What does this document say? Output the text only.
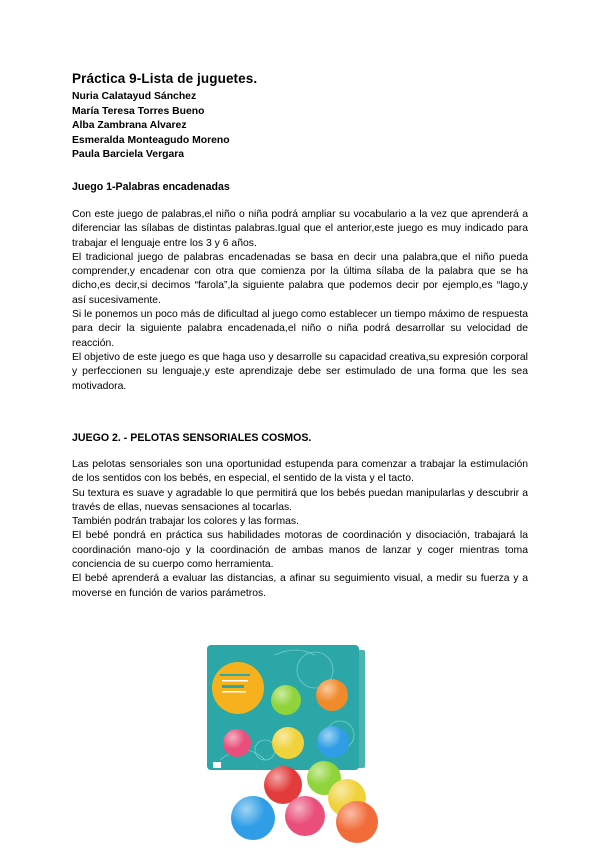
Práctica 9-Lista de juguetes.
Nuria Calatayud Sánchez
María Teresa Torres Bueno
Alba Zambrana Alvarez
Esmeralda Monteagudo Moreno
Paula Barciela Vergara

Juego 1-Palabras encadenadas

Con este juego de palabras,el niño o niña podrá ampliar su vocabulario a la vez que aprenderá a diferenciar las sílabas de distintas palabras.Igual que el anterior,este juego es muy indicado para trabajar el lenguaje entre los 3 y 6 años.

El tradicional juego de palabras encadenadas se basa en decir una palabra,que el niño pueda comprender,y encadenar con otra que comienza por la última sílaba de la palabra que se ha dicho,es decir,si decimos “farola”,la siguiente palabra que podemos decir por ejemplo,es “lago,y así sucesivamente.

Si le ponemos un poco más de dificultad al juego como establecer un tiempo máximo de respuesta para decir la siguiente palabra encadenada,el niño o niña podrá desarrollar su velocidad de reacción.

El objetivo de este juego es que haga uso y desarrolle su capacidad creativa,su expresión corporal y perfeccionen su lenguaje,y este aprendizaje debe ser estimulado de una forma que les sea motivadora.

JUEGO 2. - PELOTAS SENSORIALES COSMOS.

Las pelotas sensoriales son una oportunidad estupenda para comenzar a trabajar la estimulación de los sentidos con los bebés, en especial, el sentido de la vista y el tacto.

Su textura es suave y agradable lo que permitirá que los bebés puedan manipularlas y descubrir a través de ellas, nuevas sensaciones al tocarlas.

También podrán trabajar los colores y las formas.

El bebé pondrá en práctica sus habilidades motoras de coordinación y disociación, trabajará la coordinación mano-ojo y la coordinación de ambas manos de lanzar y coger mientras toma conciencia de su cuerpo como herramienta.

El bebé aprenderá a evaluar las distancias, a afinar su seguimiento visual, a medir su fuerza y a moverse en función de varios parámetros.
